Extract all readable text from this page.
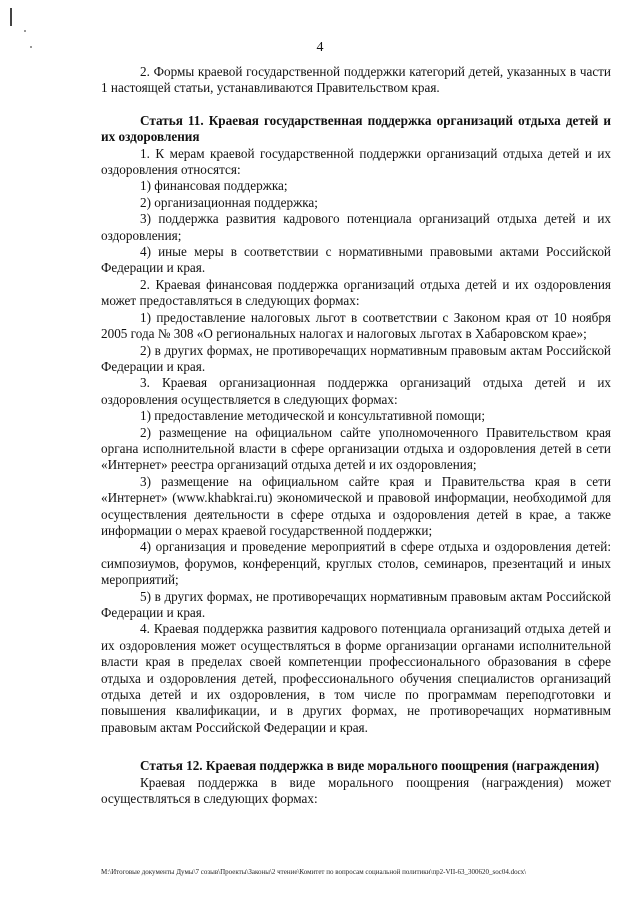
4

2. Формы краевой государственной поддержки категорий детей, указанных в части 1 настоящей статьи, устанавливаются Правительством края.

Статья 11. Краевая государственная поддержка организаций отдыха детей и их оздоровления

1. К мерам краевой государственной поддержки организаций отдыха детей и их оздоровления относятся:

1) финансовая поддержка;

2) организационная поддержка;

3) поддержка развития кадрового потенциала организаций отдыха детей и их оздоровления;

4) иные меры в соответствии с нормативными правовыми актами Российской Федерации и края.

2. Краевая финансовая поддержка организаций отдыха детей и их оздоровления может предоставляться в следующих формах:

1) предоставление налоговых льгот в соответствии с Законом края от 10 ноября 2005 года № 308 «О региональных налогах и налоговых льготах в Хабаровском крае»;

2) в других формах, не противоречащих нормативным правовым актам Российской Федерации и края.

3. Краевая организационная поддержка организаций отдыха детей и их оздоровления осуществляется в следующих формах:

1) предоставление методической и консультативной помощи;

2) размещение на официальном сайте уполномоченного Правительством края органа исполнительной власти в сфере организации отдыха и оздоровления детей в сети «Интернет» реестра организаций отдыха детей и их оздоровления;

3) размещение на официальном сайте края и Правительства края в сети «Интернет» (www.khabkrai.ru) экономической и правовой информации, необходимой для осуществления деятельности в сфере отдыха и оздоровления детей в крае, а также информации о мерах краевой государственной поддержки;

4) организация и проведение мероприятий в сфере отдыха и оздоровления детей: симпозиумов, форумов, конференций, круглых столов, семинаров, презентаций и иных мероприятий;

5) в других формах, не противоречащих нормативным правовым актам Российской Федерации и края.

4. Краевая поддержка развития кадрового потенциала организаций отдыха детей и их оздоровления может осуществляться в форме организации органами исполнительной власти края в пределах своей компетенции профессионального образования в сфере отдыха и оздоровления детей, профессионального обучения специалистов организаций отдыха детей и их оздоровления, в том числе по программам переподготовки и повышения квалификации, и в других формах, не противоречащих нормативным правовым актам Российской Федерации и края.

Статья 12. Краевая поддержка в виде морального поощрения (награждения)

Краевая поддержка в виде морального поощрения (награждения) может осуществляться в следующих формах:

M:\Итоговые документы Думы\7 созыв\Проекты\Законы\2 чтение\Комитет по вопросам социальной политики\пр2-VII-63_300620_soc04.docx\
